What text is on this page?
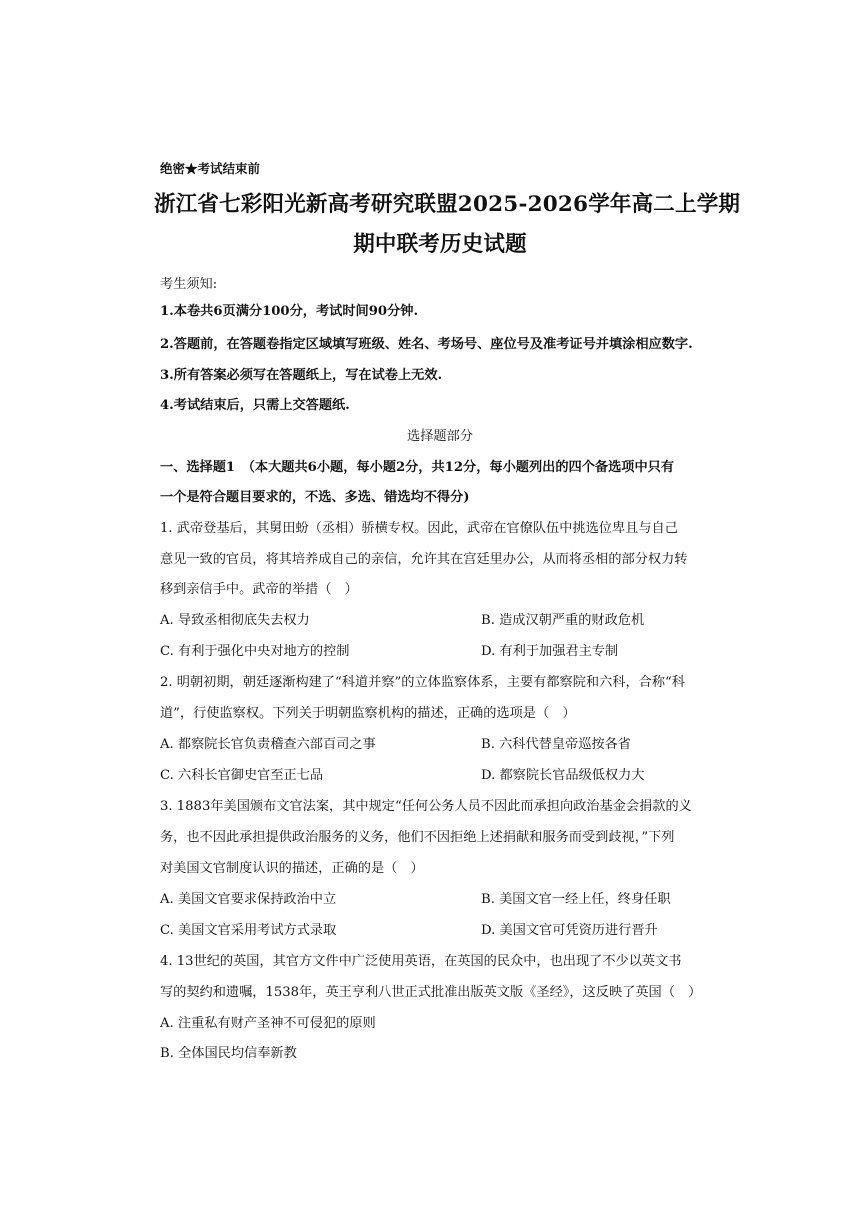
绝密★考试结束前
浙江省七彩阳光新高考研究联盟2025-2026学年高二上学期
期中联考历史试题
考生须知:
1.本卷共6页满分100分，考试时间90分钟.
2.答题前，在答题卷指定区域填写班级、姓名、考场号、座位号及准考证号并填涂相应数字.
3.所有答案必须写在答题纸上，写在试卷上无效.
4.考试结束后，只需上交答题纸.
选择题部分
一、选择题1　（本大题共6小题，每小题2分，共12分，每小题列出的四个备选项中只有
一个是符合题目要求的，不选、多选、错选均不得分)
1. 武帝登基后，其舅田蚡（丞相）骄横专权。因此，武帝在官僚队伍中挑选位卑且与自己
意见一致的官员，将其培养成自己的亲信，允许其在宫廷里办公，从而将丞相的部分权力转
移到亲信手中。武帝的举措（　）
A. 导致丞相彻底失去权力	B. 造成汉朝严重的财政危机
C. 有利于强化中央对地方的控制	D. 有利于加强君主专制
2. 明朝初期，朝廷逐渐构建了“科道并察”的立体监察体系，主要有都察院和六科，合称“科
道”，行使监察权。下列关于明朝监察机构的描述，正确的选项是（　）
A. 都察院长官负责稽查六部百司之事	B. 六科代替皇帝巡按各省
C. 六科长官御史官至正七品	D. 都察院长官品级低权力大
3. 1883年美国颁布文官法案，其中规定“任何公务人员不因此而承担向政治基金会捐款的义
务，也不因此承担提供政治服务的义务，他们不因拒绝上述捐献和服务而受到歧视，”下列
对美国文官制度认识的描述，正确的是（　）
A. 美国文官要求保持政治中立	B. 美国文官一经上任，终身任职
C. 美国文官采用考试方式录取	D. 美国文官可凭资历进行晋升
4. 13世纪的英国，其官方文件中广泛使用英语，在英国的民众中，也出现了不少以英文书
写的契约和遗嘱，1538年，英王亨利八世正式批准出版英文版《圣经》，这反映了英国（　）
A. 注重私有财产圣神不可侵犯的原则
B. 全体国民均信奉新教
